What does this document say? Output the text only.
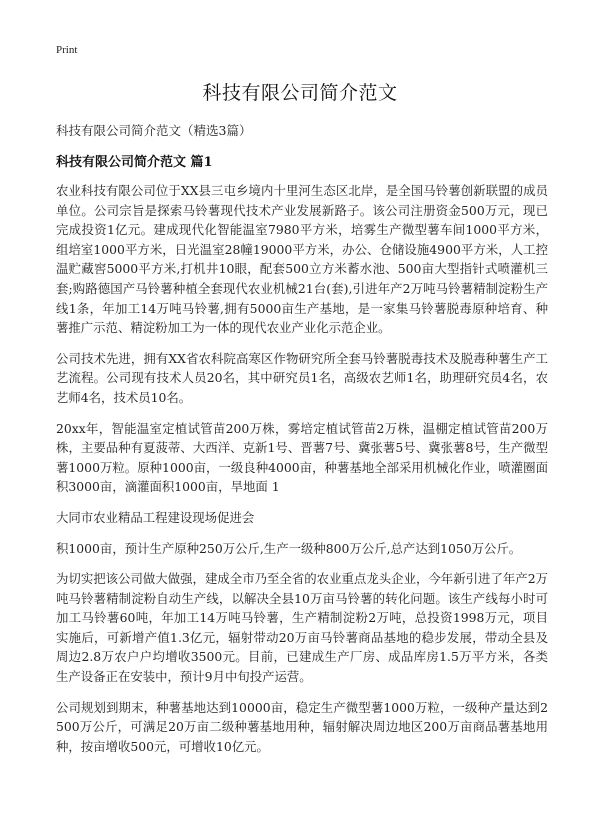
Print
科技有限公司简介范文
科技有限公司简介范文（精选3篇）
科技有限公司简介范文 篇1

农业科技有限公司位于XX县三屯乡境内十里河生态区北岸，是全国马铃薯创新联盟的成员单位。公司宗旨是探索马铃薯现代技术产业发展新路子。该公司注册资金500万元，现已完成投资1亿元。建成现代化智能温室7980平方米，培雾生产微型薯车间1000平方米，组培室1000平方米，日光温室28幢19000平方米，办公、仓储设施4900平方米，人工控温贮藏窖5000平方米,打机井10眼，配套500立方米蓄水池、500亩大型指针式喷灌机三套;购路德国产马铃薯种植全套现代农业机械21台(套),引进年产2万吨马铃薯精制淀粉生产线1条，年加工14万吨马铃薯,拥有5000亩生产基地，是一家集马铃薯脱毒原种培育、种薯推广示范、精淀粉加工为一体的现代农业产业化示范企业。

公司技术先进，拥有XX省农科院高寒区作物研究所全套马铃薯脱毒技术及脱毒种薯生产工艺流程。公司现有技术人员20名，其中研究员1名，高级农艺师1名，助理研究员4名，农艺师4名，技术员10名。

20xx年，智能温室定植试管苗200万株，雾培定植试管苗2万株，温棚定植试管苗200万株，主要品种有夏菠蒂、大西洋、克新1号、晋薯7号、冀张薯5号、冀张薯8号，生产微型薯1000万粒。原种1000亩，一级良种4000亩，种薯基地全部采用机械化作业，喷灌圈面积3000亩，滴灌面积1000亩，旱地面 1

大同市农业精品工程建设现场促进会

积1000亩，预计生产原种250万公斤,生产一级种800万公斤,总产达到1050万公斤。

为切实把该公司做大做强，建成全市乃至全省的农业重点龙头企业，今年新引进了年产2万吨马铃薯精制淀粉自动生产线，以解决全县10万亩马铃薯的转化问题。该生产线每小时可加工马铃薯60吨，年加工14万吨马铃薯，生产精制淀粉2万吨，总投资1998万元，项目实施后，可新增产值1.3亿元，辐射带动20万亩马铃薯商品基地的稳步发展，带动全县及周边2.8万农户户均增收3500元。目前，已建成生产厂房、成品库房1.5万平方米，各类生产设备正在安装中，预计9月中旬投产运营。

公司规划到期末，种薯基地达到10000亩，稳定生产微型薯1000万粒，一级种产量达到2500万公斤，可满足20万亩二级种薯基地用种，辐射解决周边地区200万亩商品薯基地用种，按亩增收500元，可增收10亿元。
